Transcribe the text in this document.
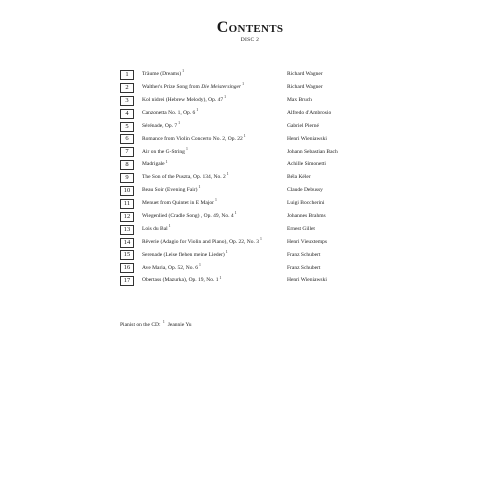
Contents
DISC 2
1	Träume (Dreams)$^1$	Richard Wagner
2	Walther's Prize Song from Die Meistersinger$^1$	Richard Wagner
3	Kol nidrei (Hebrew Melody), Op. $47^1$	Max Bruch
4	Canzonetta No. 1, Op. $6^1$	Alfredo d'Ambrosio
5	Sérénade, Op. $7^1$	Gabriel Pierné
6	Romance from Violin Concerto No. 2, Op. $22^1$	Henri Wieniawski
7	Air on the G-String$^1$	Johann Sebastian Bach
8	Madrigale$^1$	Achille Simonetti
9	The Son of the Puszta, Op. 134, No. $2^1$	Béla Kéler
10	Beau Soir (Evening Fair)$^1$	Claude Debussy
11	Menuet from Quintet in E Major$^1$	Luigi Boccherini
12	Wiegenlied (Cradle Song) , Op. 49, No. $4^1$	Johannes Brahms
13	Lois du Bal$^1$	Ernest Gillet
14	Rêverie (Adagio for Violin and Piano), Op. 22, No. $3^1$	Henri Vieuxtemps
15	Serenade (Leise flehen meine Lieder)$^1$	Franz Schubert
16	Ave Maria, Op. 52, No. $6^1$	Franz Schubert
17	Obertass (Mazurka), Op. 19, No. $1^1$	Henri Wieniawski
Pianist on the CD: $^1$ Jeannie Yu
